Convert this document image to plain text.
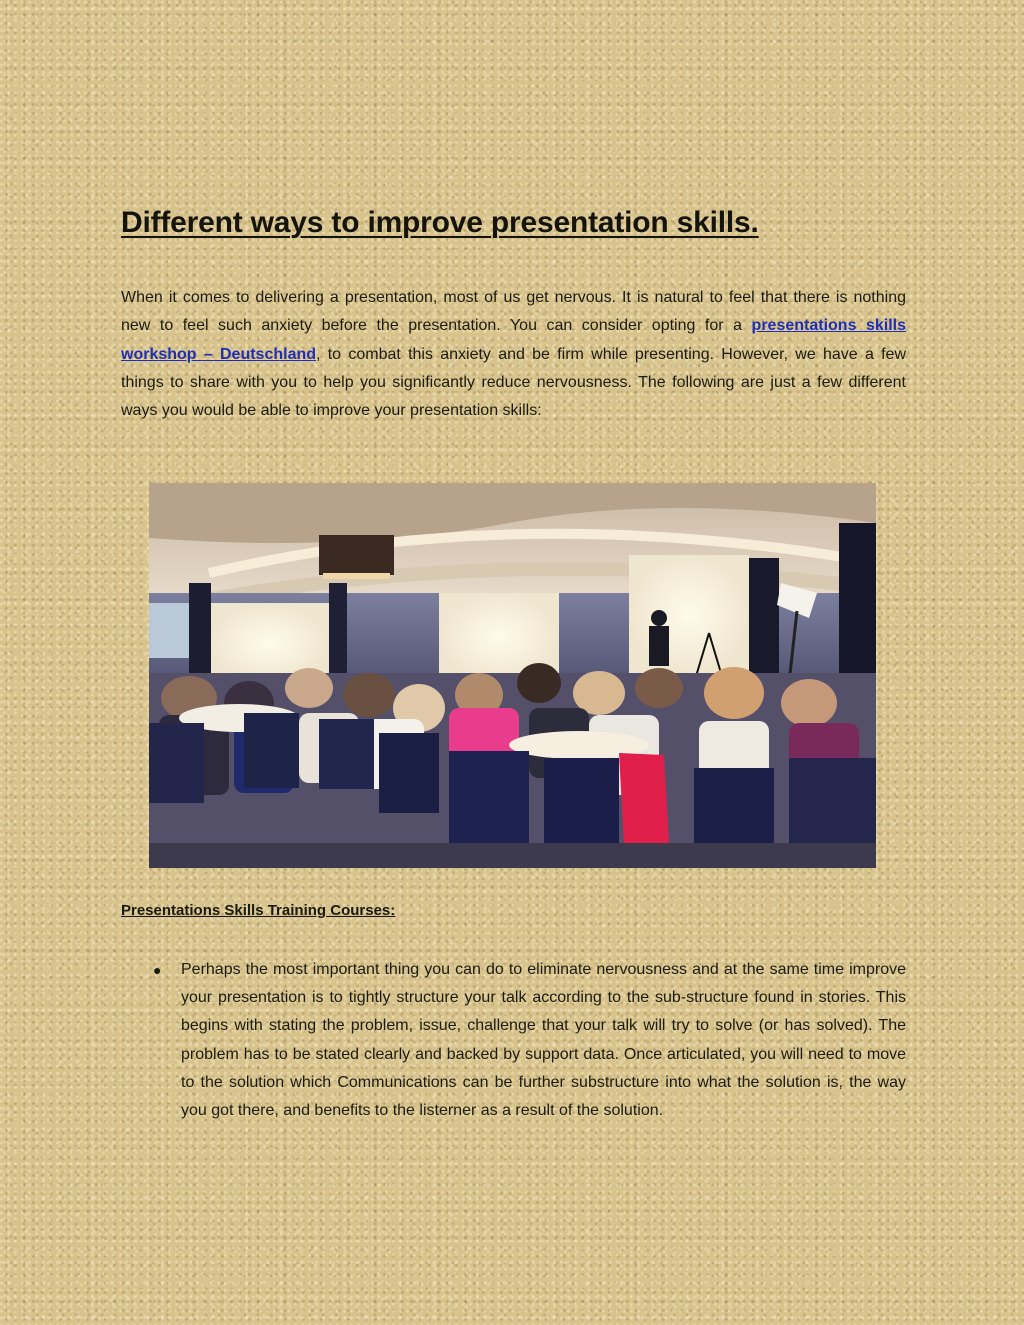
Different ways to improve presentation skills.

When it comes to delivering a presentation, most of us get nervous. It is natural to feel that there is nothing new to feel such anxiety before the presentation. You can consider opting for a presentations skills workshop – Deutschland, to combat this anxiety and be firm while presenting. However, we have a few things to share with you to help you significantly reduce nervousness. The following are just a few different ways you would be able to improve your presentation skills:

Presentations Skills Training Courses:
● Perhaps the most important thing you can do to eliminate nervousness and at the same time improve your presentation is to tightly structure your talk according to the sub-structure found in stories. This begins with stating the problem, issue, challenge that your talk will try to solve (or has solved). The problem has to be stated clearly and backed by support data. Once articulated, you will need to move to the solution which Communications can be further substructure into what the solution is, the way you got there, and benefits to the listerner as a result of the solution.
